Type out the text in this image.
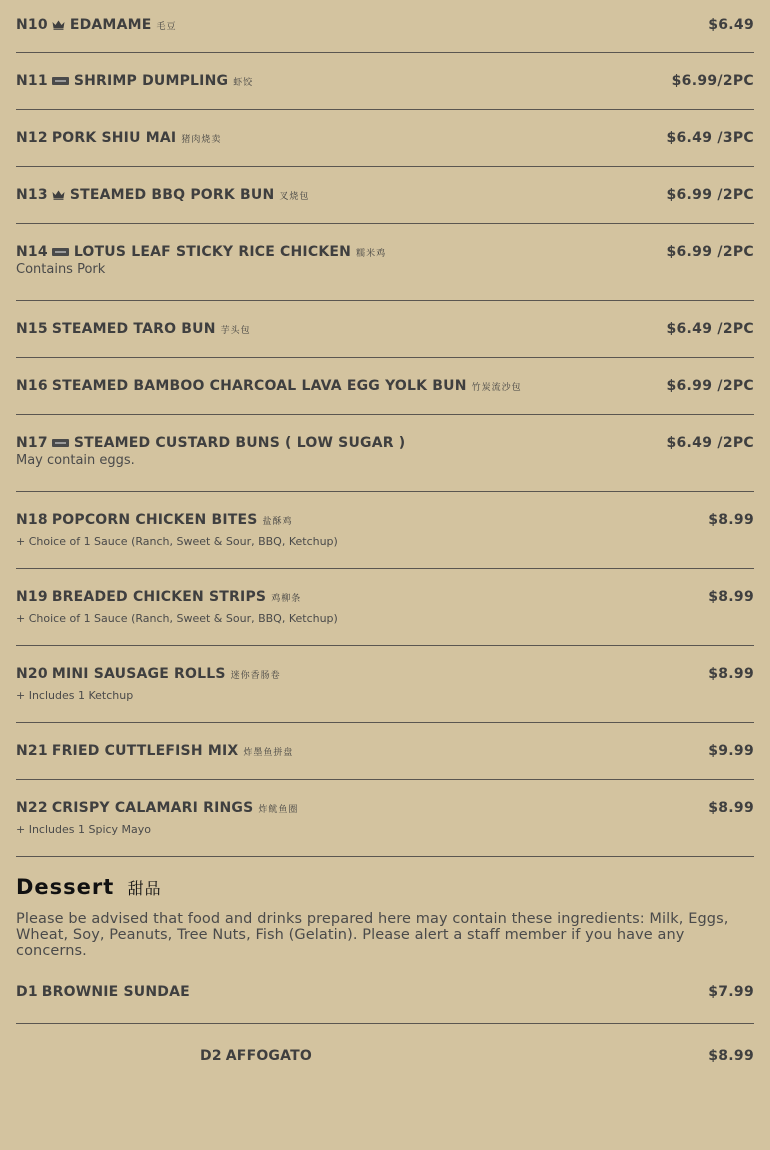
N10 EDAMAME 毛豆	$6.49
N11 SHRIMP DUMPLING 虾饺	$6.99/2PC
N12 PORK SHIU MAI 猪肉烧卖	$6.49 /3PC
N13 STEAMED BBQ PORK BUN 叉烧包	$6.99 /2PC
N14 LOTUS LEAF STICKY RICE CHICKEN 糯米鸡	$6.99 /2PC
Contains Pork
N15 STEAMED TARO BUN 芋头包	$6.49 /2PC
N16 STEAMED BAMBOO CHARCOAL LAVA EGG YOLK BUN 竹炭流沙包	$6.99 /2PC
N17 STEAMED CUSTARD BUNS ( LOW SUGAR )	$6.49 /2PC
May contain eggs.
N18 POPCORN CHICKEN BITES 盐酥鸡	$8.99
+ Choice of 1 Sauce (Ranch, Sweet & Sour, BBQ, Ketchup)
N19 BREADED CHICKEN STRIPS 鸡柳条	$8.99
+ Choice of 1 Sauce (Ranch, Sweet & Sour, BBQ, Ketchup)
N20 MINI SAUSAGE ROLLS 迷你香肠卷	$8.99
+ Includes 1 Ketchup
N21 FRIED CUTTLEFISH MIX 炸墨鱼拼盘	$9.99
N22 CRISPY CALAMARI RINGS 炸鱿鱼圈	$8.99
+ Includes 1 Spicy Mayo
Dessert 甜品
Please be advised that food and drinks prepared here may contain these ingredients: Milk, Eggs, Wheat, Soy, Peanuts, Tree Nuts, Fish (Gelatin). Please alert a staff member if you have any concerns.
D1 BROWNIE SUNDAE	$7.99
D2 AFFOGATO	$8.99
